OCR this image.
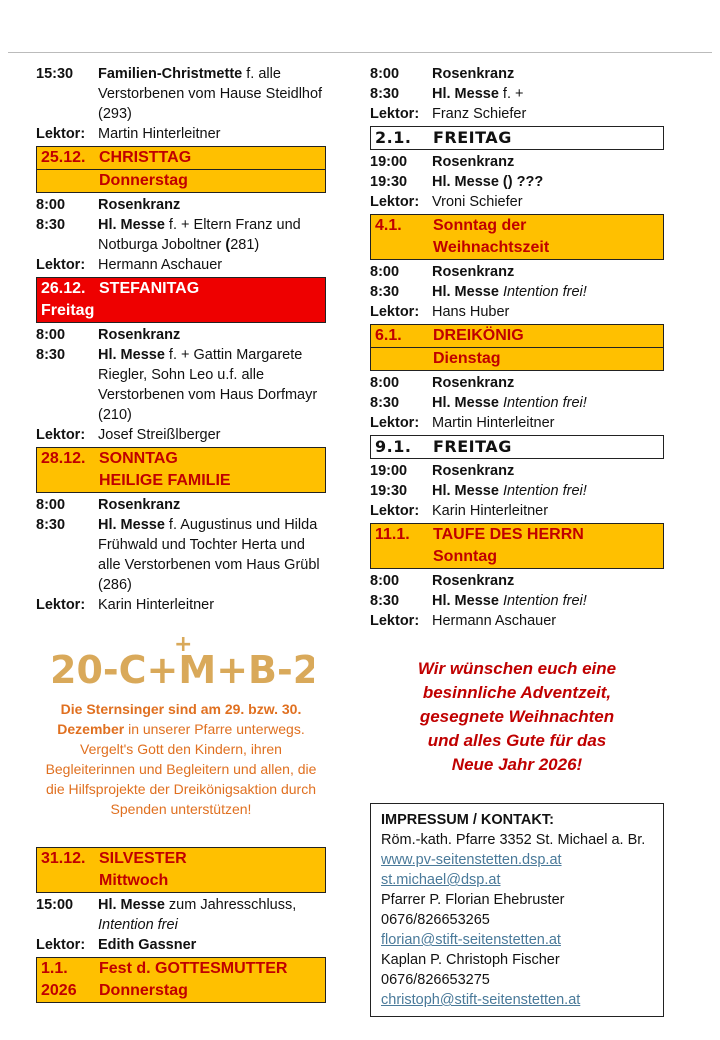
15:30	Familien-Christmette f. alle Verstorbenen vom Hause Steidlhof (293)
Lektor: Martin Hinterleitner
25.12. CHRISTTAG
Donnerstag
8:00	Rosenkranz
8:30	Hl. Messe f. + Eltern Franz und Notburga Joboltner (281)
Lektor: Hermann Aschauer
26.12. STEFANITAG
Freitag
8:00	Rosenkranz
8:30	Hl. Messe f. + Gattin Margarete Riegler, Sohn Leo u.f. alle Verstorbenen vom Haus Dorfmayr (210)
Lektor: Josef Streißlberger
28.12. SONNTAG
HEILIGE FAMILIE
8:00	Rosenkranz
8:30	Hl. Messe f. Augustinus und Hilda Frühwald und Tochter Herta und alle Verstorbenen vom Haus Grübl (286)
Lektor: Karin Hinterleitner
20-C+M+B-2
+
Die Sternsinger sind am 29. bzw. 30. Dezember in unserer Pfarre unterwegs. Vergelt's Gott den Kindern, ihren Begleiterinnen und Begleitern und allen, die die Hilfsprojekte der Dreikönigsaktion durch Spenden unterstützen!
31.12. SILVESTER
Mittwoch
15:00	Hl. Messe zum Jahresschluss,
Intention frei
Lektor: Edith Gassner
1.1.	Fest d. GOTTESMUTTER
2026	Donnerstag
8:00	Rosenkranz
8:30	Hl. Messe f. +
Lektor: Franz Schiefer
2.1.	FREITAG
19:00	Rosenkranz
19:30	Hl. Messe () ???
Lektor: Vroni Schiefer
4.1.	Sonntag der
Weihnachtszeit
8:00	Rosenkranz
8:30	Hl. Messe Intention frei!
Lektor: Hans Huber
6.1.	DREIKÖNIG
Dienstag
8:00	Rosenkranz
8:30	Hl. Messe Intention frei!
Lektor: Martin Hinterleitner
9.1.	FREITAG
19:00	Rosenkranz
19:30	Hl. Messe Intention frei!
Lektor: Karin Hinterleitner
11.1.	TAUFE DES HERRN
Sonntag
8:00	Rosenkranz
8:30	Hl. Messe Intention frei!
Lektor: Hermann Aschauer
Wir wünschen euch eine
besinnliche Adventzeit,
gesegnete Weihnachten
und alles Gute für das
Neue Jahr 2026!
IMPRESSUM / KONTAKT:
Röm.-kath. Pfarre 3352 St. Michael a. Br.
www.pv-seitenstetten.dsp.at
st.michael@dsp.at
Pfarrer P. Florian Ehebruster
0676/826653265
florian@stift-seitenstetten.at
Kaplan P. Christoph Fischer
0676/826653275
christoph@stift-seitenstetten.at
